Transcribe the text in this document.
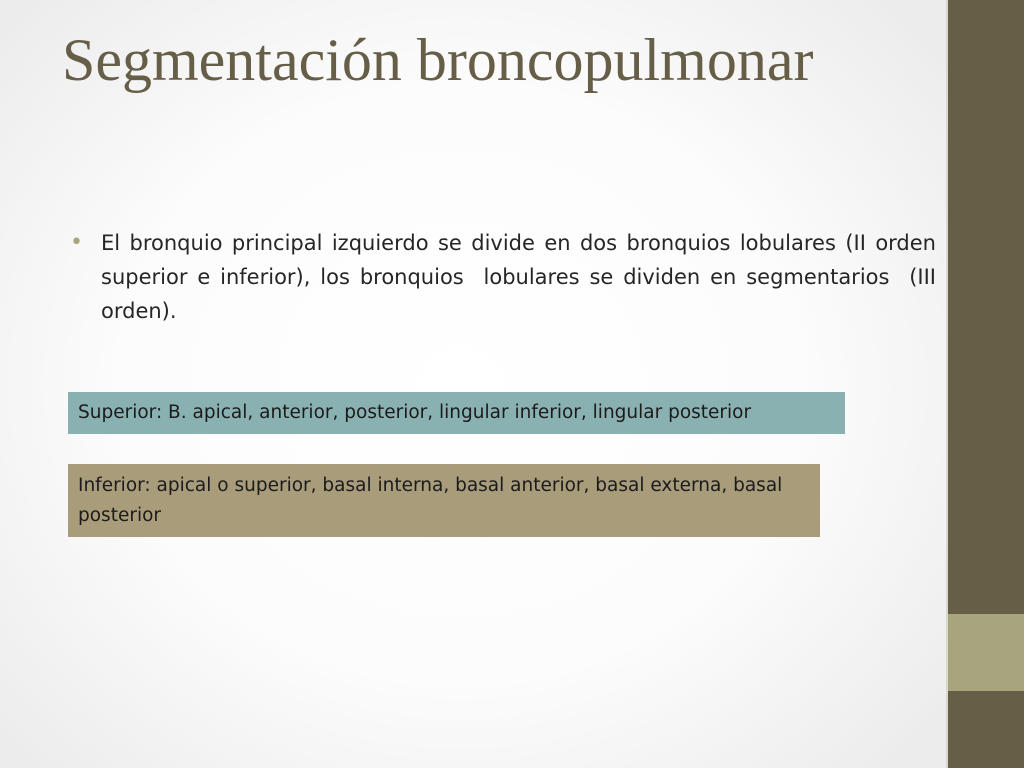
Segmentación broncopulmonar
• El bronquio principal izquierdo se divide en dos bronquios lobulares (II orden superior e inferior), los bronquios  lobulares se dividen en segmentarios  (III orden).

Superior: B. apical, anterior, posterior, lingular inferior, lingular posterior
Inferior: apical o superior, basal interna, basal anterior, basal externa, basal posterior
